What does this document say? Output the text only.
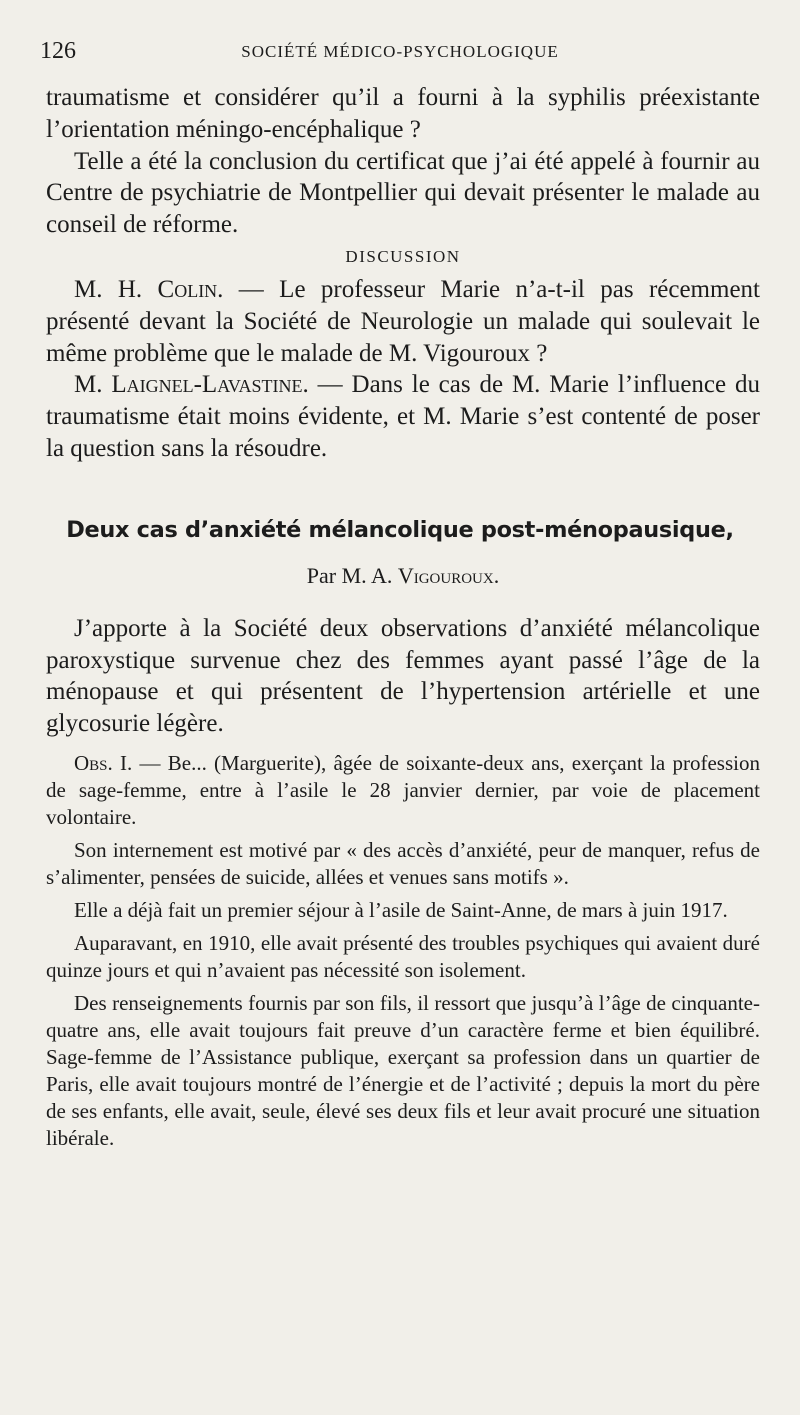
126	SOCIÉTÉ MÉDICO-PSYCHOLOGIQUE

traumatisme et considérer qu’il a fourni à la syphilis préexistante l’orientation méningo-encéphalique ?

Telle a été la conclusion du certificat que j’ai été appelé à fournir au Centre de psychiatrie de Montpellier qui devait présenter le malade au conseil de réforme.

DISCUSSION

M. H. Colin. — Le professeur Marie n’a-t-il pas récemment présenté devant la Société de Neurologie un malade qui soulevait le même problème que le malade de M. Vigouroux ?

M. Laignel-Lavastine. — Dans le cas de M. Marie l’influence du traumatisme était moins évidente, et M. Marie s’est contenté de poser la question sans la résoudre.

Deux cas d’anxiété mélancolique post-ménopausique,
Par M. A. Vigouroux.

J’apporte à la Société deux observations d’anxiété mélancolique paroxystique survenue chez des femmes ayant passé l’âge de la ménopause et qui présentent de l’hypertension artérielle et une glycosurie légère.

Obs. I. — Be... (Marguerite), âgée de soixante-deux ans, exerçant la profession de sage-femme, entre à l’asile le 28 janvier dernier, par voie de placement volontaire.

Son internement est motivé par « des accès d’anxiété, peur de manquer, refus de s’alimenter, pensées de suicide, allées et venues sans motifs ».

Elle a déjà fait un premier séjour à l’asile de Saint-Anne, de mars à juin 1917.

Auparavant, en 1910, elle avait présenté des troubles psychiques qui avaient duré quinze jours et qui n’avaient pas nécessité son isolement.

Des renseignements fournis par son fils, il ressort que jusqu’à l’âge de cinquante-quatre ans, elle avait toujours fait preuve d’un caractère ferme et bien équilibré. Sage-femme de l’Assistance publique, exerçant sa profession dans un quartier de Paris, elle avait toujours montré de l’énergie et de l’activité ; depuis la mort du père de ses enfants, elle avait, seule, élevé ses deux fils et leur avait procuré une situation libérale.
